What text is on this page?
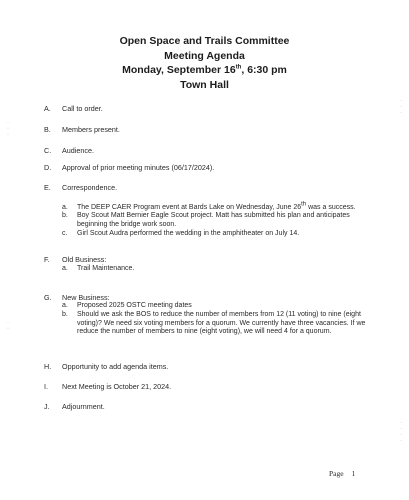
Open Space and Trails Committee
Meeting Agenda
Monday, September 16th, 6:30 pm
Town Hall
A. Call to order.
B. Members present.
C. Audience.
D. Approval of prior meeting minutes (06/17/2024).
E. Correspondence.
a. The DEEP CAER Program event at Bards Lake on Wednesday, June 26th was a success.
b. Boy Scout Matt Bernier Eagle Scout project. Matt has submitted his plan and anticipates beginning the bridge work soon.
c. Girl Scout Audra performed the wedding in the amphitheater on July 14.
F. Old Business:
a. Trail Maintenance.
G. New Business:
a. Proposed 2025 OSTC meeting dates
b. Should we ask the BOS to reduce the number of members from 12 (11 voting) to nine (eight voting)? We need six voting members for a quorum. We currently have three vacancies. If we reduce the number of members to nine (eight voting), we will need 4 for a quorum.
H. Opportunity to add agenda items.
I. Next Meeting is October 21, 2024.
J. Adjournment.
Page 1
·
·
·
·
·
·
·
·
·
·
·
·
